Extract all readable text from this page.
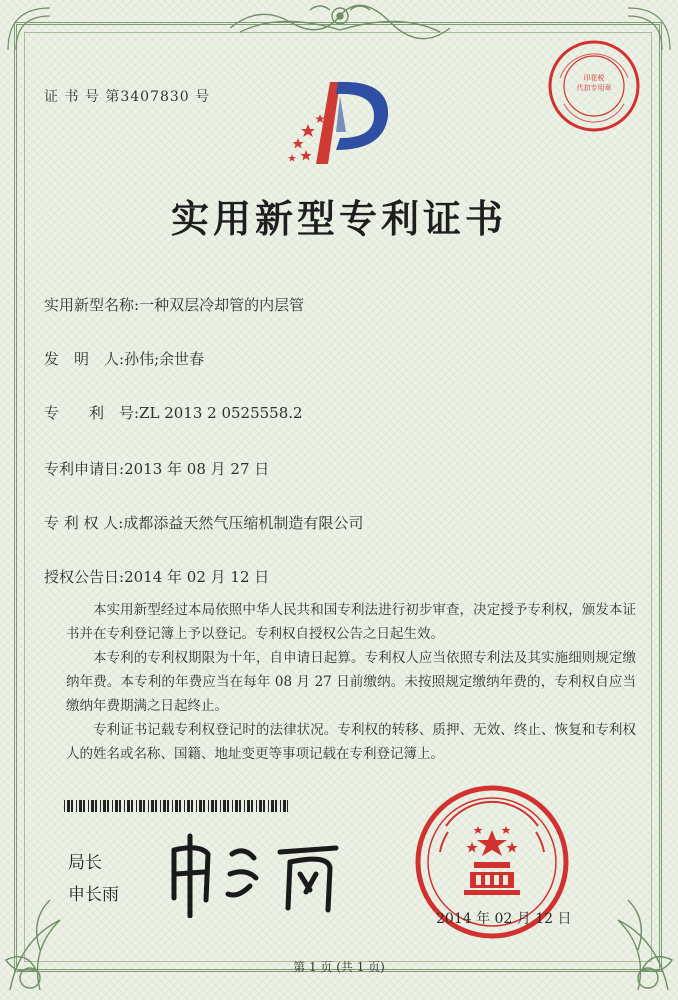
证 书 号 第3407830 号
印花税
代扣专用章
实用新型专利证书
实用新型名称:一种双层冷却管的内层管
发　明　人:孙伟;余世春
专　　利　号:ZL 2013 2 0525558.2
专利申请日:2013 年 08 月 27 日
专 利 权 人:成都添益天然气压缩机制造有限公司
授权公告日:2014 年 02 月 12 日
本实用新型经过本局依照中华人民共和国专利法进行初步审查，决定授予专利权，颁发本证书并在专利登记簿上予以登记。专利权自授权公告之日起生效。
本专利的专利权期限为十年，自申请日起算。专利权人应当依照专利法及其实施细则规定缴纳年费。本专利的年费应当在每年 08 月 27 日前缴纳。未按照规定缴纳年费的，专利权自应当缴纳年费期满之日起终止。
专利证书记载专利权登记时的法律状况。专利权的转移、质押、无效、终止、恢复和专利权人的姓名或名称、国籍、地址变更等事项记载在专利登记簿上。
局长
申长雨
2014 年 02 月 12 日
第 1 页 (共 1 页)
